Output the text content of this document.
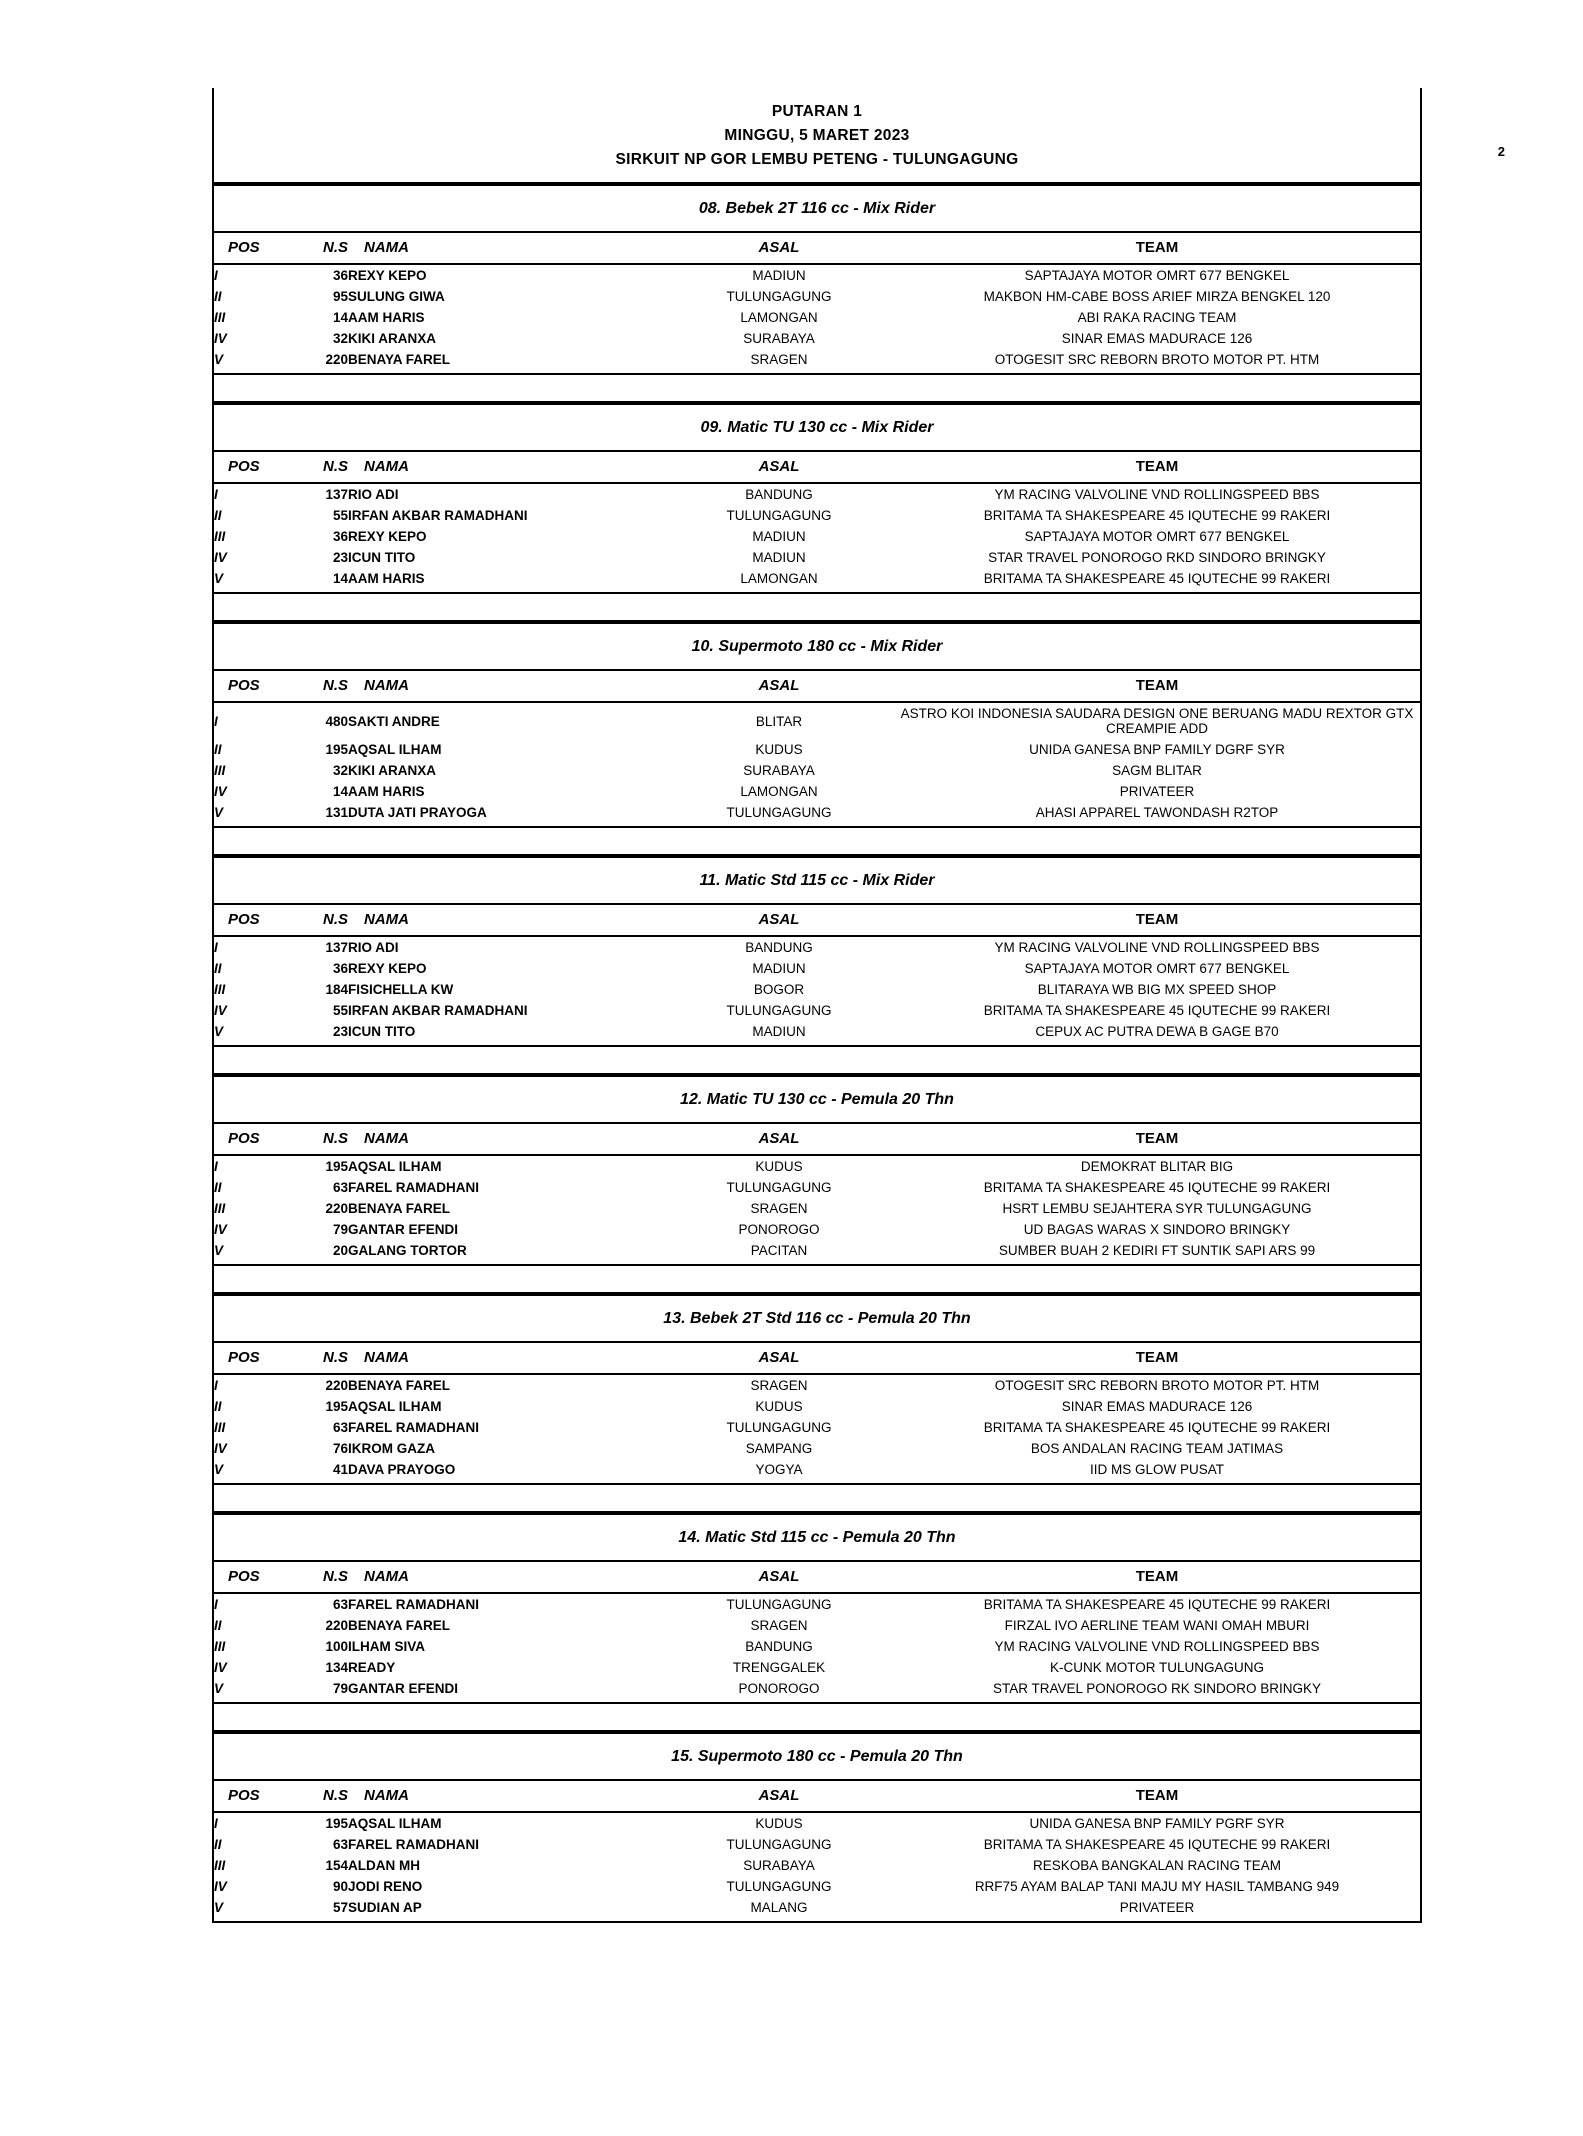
2
PUTARAN 1
MINGGU, 5 MARET 2023
SIRKUIT NP GOR LEMBU PETENG - TULUNGAGUNG
08. Bebek 2T 116 cc - Mix Rider
POS	N.S	NAMA	ASAL	TEAM
I	36	REXY KEPO	MADIUN	SAPTAJAYA MOTOR OMRT 677 BENGKEL
II	95	SULUNG GIWA	TULUNGAGUNG	MAKBON HM-CABE BOSS ARIEF MIRZA BENGKEL 120
III	14	AAM HARIS	LAMONGAN	ABI RAKA RACING TEAM
IV	32	KIKI ARANXA	SURABAYA	SINAR EMAS MADURACE 126
V	220	BENAYA FAREL	SRAGEN	OTOGESIT SRC REBORN BROTO MOTOR PT. HTM
09. Matic TU 130 cc - Mix Rider
POS	N.S	NAMA	ASAL	TEAM
I	137	RIO ADI	BANDUNG	YM RACING VALVOLINE VND ROLLINGSPEED BBS
II	55	IRFAN AKBAR RAMADHANI	TULUNGAGUNG	BRITAMA TA SHAKESPEARE 45 IQUTECHE 99 RAKERI
III	36	REXY KEPO	MADIUN	SAPTAJAYA MOTOR OMRT 677 BENGKEL
IV	23	ICUN TITO	MADIUN	STAR TRAVEL PONOROGO RKD SINDORO BRINGKY
V	14	AAM HARIS	LAMONGAN	BRITAMA TA SHAKESPEARE 45 IQUTECHE 99 RAKERI
10. Supermoto 180 cc - Mix Rider
POS	N.S	NAMA	ASAL	TEAM
I	480	SAKTI ANDRE	BLITAR	ASTRO KOI INDONESIA SAUDARA DESIGN ONE BERUANG MADU REXTOR GTX CREAMPIE ADD
II	195	AQSAL ILHAM	KUDUS	UNIDA GANESA BNP FAMILY DGRF SYR
III	32	KIKI ARANXA	SURABAYA	SAGM BLITAR
IV	14	AAM HARIS	LAMONGAN	PRIVATEER
V	131	DUTA JATI PRAYOGA	TULUNGAGUNG	AHASI APPAREL TAWONDASH R2TOP
11. Matic Std 115 cc - Mix Rider
POS	N.S	NAMA	ASAL	TEAM
I	137	RIO ADI	BANDUNG	YM RACING VALVOLINE VND ROLLINGSPEED BBS
II	36	REXY KEPO	MADIUN	SAPTAJAYA MOTOR OMRT 677 BENGKEL
III	184	FISICHELLA KW	BOGOR	BLITARAYA WB BIG MX SPEED SHOP
IV	55	IRFAN AKBAR RAMADHANI	TULUNGAGUNG	BRITAMA TA SHAKESPEARE 45 IQUTECHE 99 RAKERI
V	23	ICUN TITO	MADIUN	CEPUX AC PUTRA DEWA B GAGE B70
12. Matic TU 130 cc - Pemula 20 Thn
POS	N.S	NAMA	ASAL	TEAM
I	195	AQSAL ILHAM	KUDUS	DEMOKRAT BLITAR BIG
II	63	FAREL RAMADHANI	TULUNGAGUNG	BRITAMA TA SHAKESPEARE 45 IQUTECHE 99 RAKERI
III	220	BENAYA FAREL	SRAGEN	HSRT LEMBU SEJAHTERA SYR TULUNGAGUNG
IV	79	GANTAR EFENDI	PONOROGO	UD BAGAS WARAS X SINDORO BRINGKY
V	20	GALANG TORTOR	PACITAN	SUMBER BUAH 2 KEDIRI FT SUNTIK SAPI ARS 99
13. Bebek 2T Std 116 cc - Pemula 20 Thn
POS	N.S	NAMA	ASAL	TEAM
I	220	BENAYA FAREL	SRAGEN	OTOGESIT SRC REBORN BROTO MOTOR PT. HTM
II	195	AQSAL ILHAM	KUDUS	SINAR EMAS MADURACE 126
III	63	FAREL RAMADHANI	TULUNGAGUNG	BRITAMA TA SHAKESPEARE 45 IQUTECHE 99 RAKERI
IV	76	IKROM GAZA	SAMPANG	BOS ANDALAN RACING TEAM JATIMAS
V	41	DAVA PRAYOGO	YOGYA	IID MS GLOW PUSAT
14. Matic Std 115 cc - Pemula 20 Thn
POS	N.S	NAMA	ASAL	TEAM
I	63	FAREL RAMADHANI	TULUNGAGUNG	BRITAMA TA SHAKESPEARE 45 IQUTECHE 99 RAKERI
II	220	BENAYA FAREL	SRAGEN	FIRZAL IVO AERLINE TEAM WANI OMAH MBURI
III	100	ILHAM SIVA	BANDUNG	YM RACING VALVOLINE VND ROLLINGSPEED BBS
IV	134	READY	TRENGGALEK	K-CUNK MOTOR TULUNGAGUNG
V	79	GANTAR EFENDI	PONOROGO	STAR TRAVEL PONOROGO RK SINDORO BRINGKY
15. Supermoto 180 cc - Pemula 20 Thn
POS	N.S	NAMA	ASAL	TEAM
I	195	AQSAL ILHAM	KUDUS	UNIDA GANESA BNP FAMILY PGRF SYR
II	63	FAREL RAMADHANI	TULUNGAGUNG	BRITAMA TA SHAKESPEARE 45 IQUTECHE 99 RAKERI
III	154	ALDAN MH	SURABAYA	RESKOBA BANGKALAN RACING TEAM
IV	90	JODI RENO	TULUNGAGUNG	RRF75 AYAM BALAP TANI MAJU MY HASIL TAMBANG 949
V	57	SUDIAN AP	MALANG	PRIVATEER
